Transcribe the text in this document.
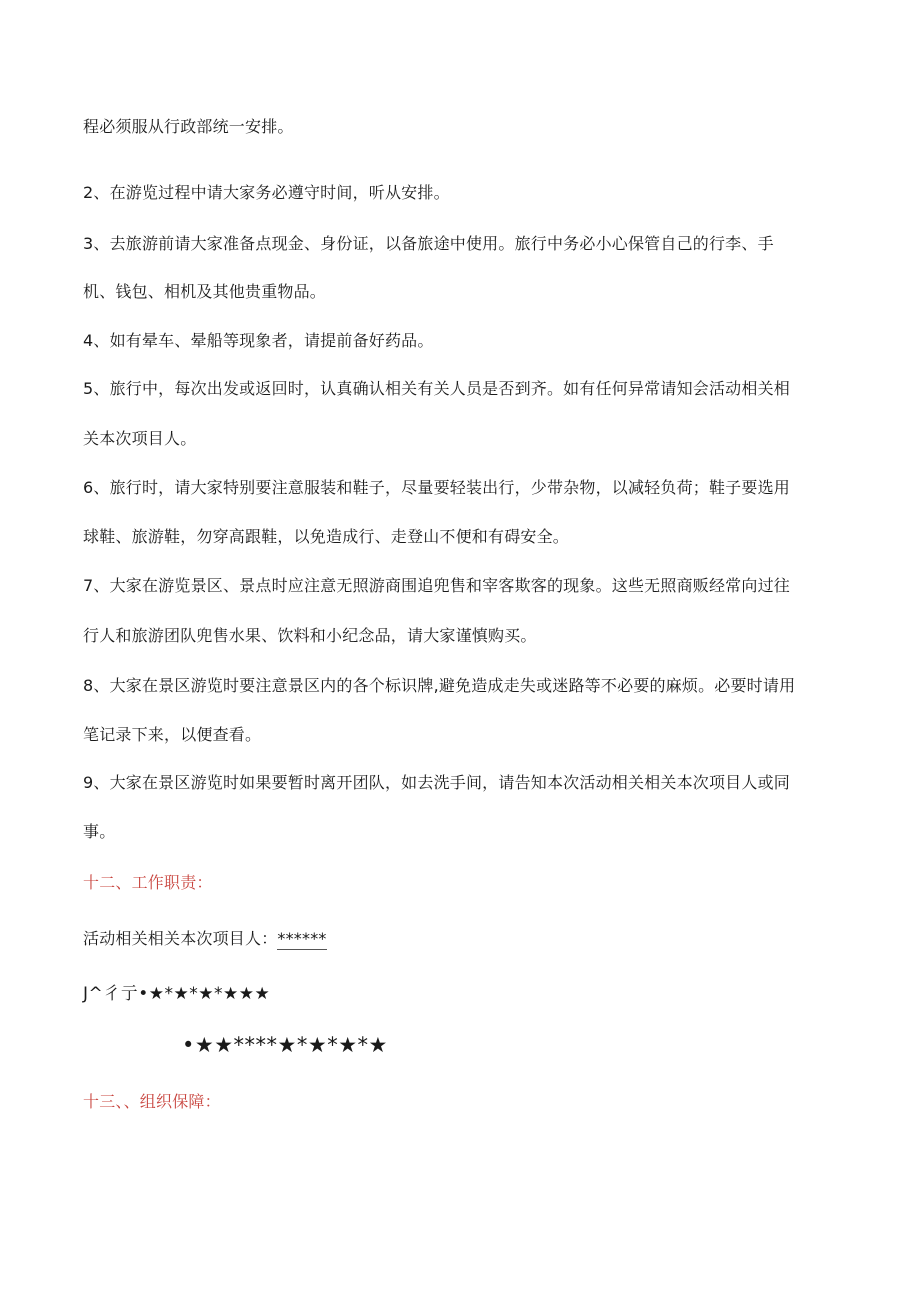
程必须服从行政部统一安排。
2、在游览过程中请大家务必遵守时间，听从安排。
3、去旅游前请大家准备点现金、身份证，以备旅途中使用。旅行中务必小心保管自己的行李、手
机、钱包、相机及其他贵重物品。
4、如有晕车、晕船等现象者，请提前备好药品。
5、旅行中，每次出发或返回时，认真确认相关有关人员是否到齐。如有任何异常请知会活动相关相
关本次项目人。
6、旅行时，请大家特别要注意服装和鞋子，尽量要轻装出行，少带杂物，以减轻负荷；鞋子要选用
球鞋、旅游鞋，勿穿高跟鞋，以免造成行、走登山不便和有碍安全。
7、大家在游览景区、景点时应注意无照游商围追兜售和宰客欺客的现象。这些无照商贩经常向过往
行人和旅游团队兜售水果、饮料和小纪念品，请大家谨慎购买。
8、大家在景区游览时要注意景区内的各个标识牌,避免造成走失或迷路等不必要的麻烦。必要时请用
笔记录下来，以便查看。
9、大家在景区游览时如果要暂时离开团队，如去洗手间，请告知本次活动相关相关本次项目人或同
事。
十二、工作职责：
活动相关相关本次项目人：******
J^彳亍•★*★*★*★★★
•★★****★*★*★*★
十三、、组织保障：
